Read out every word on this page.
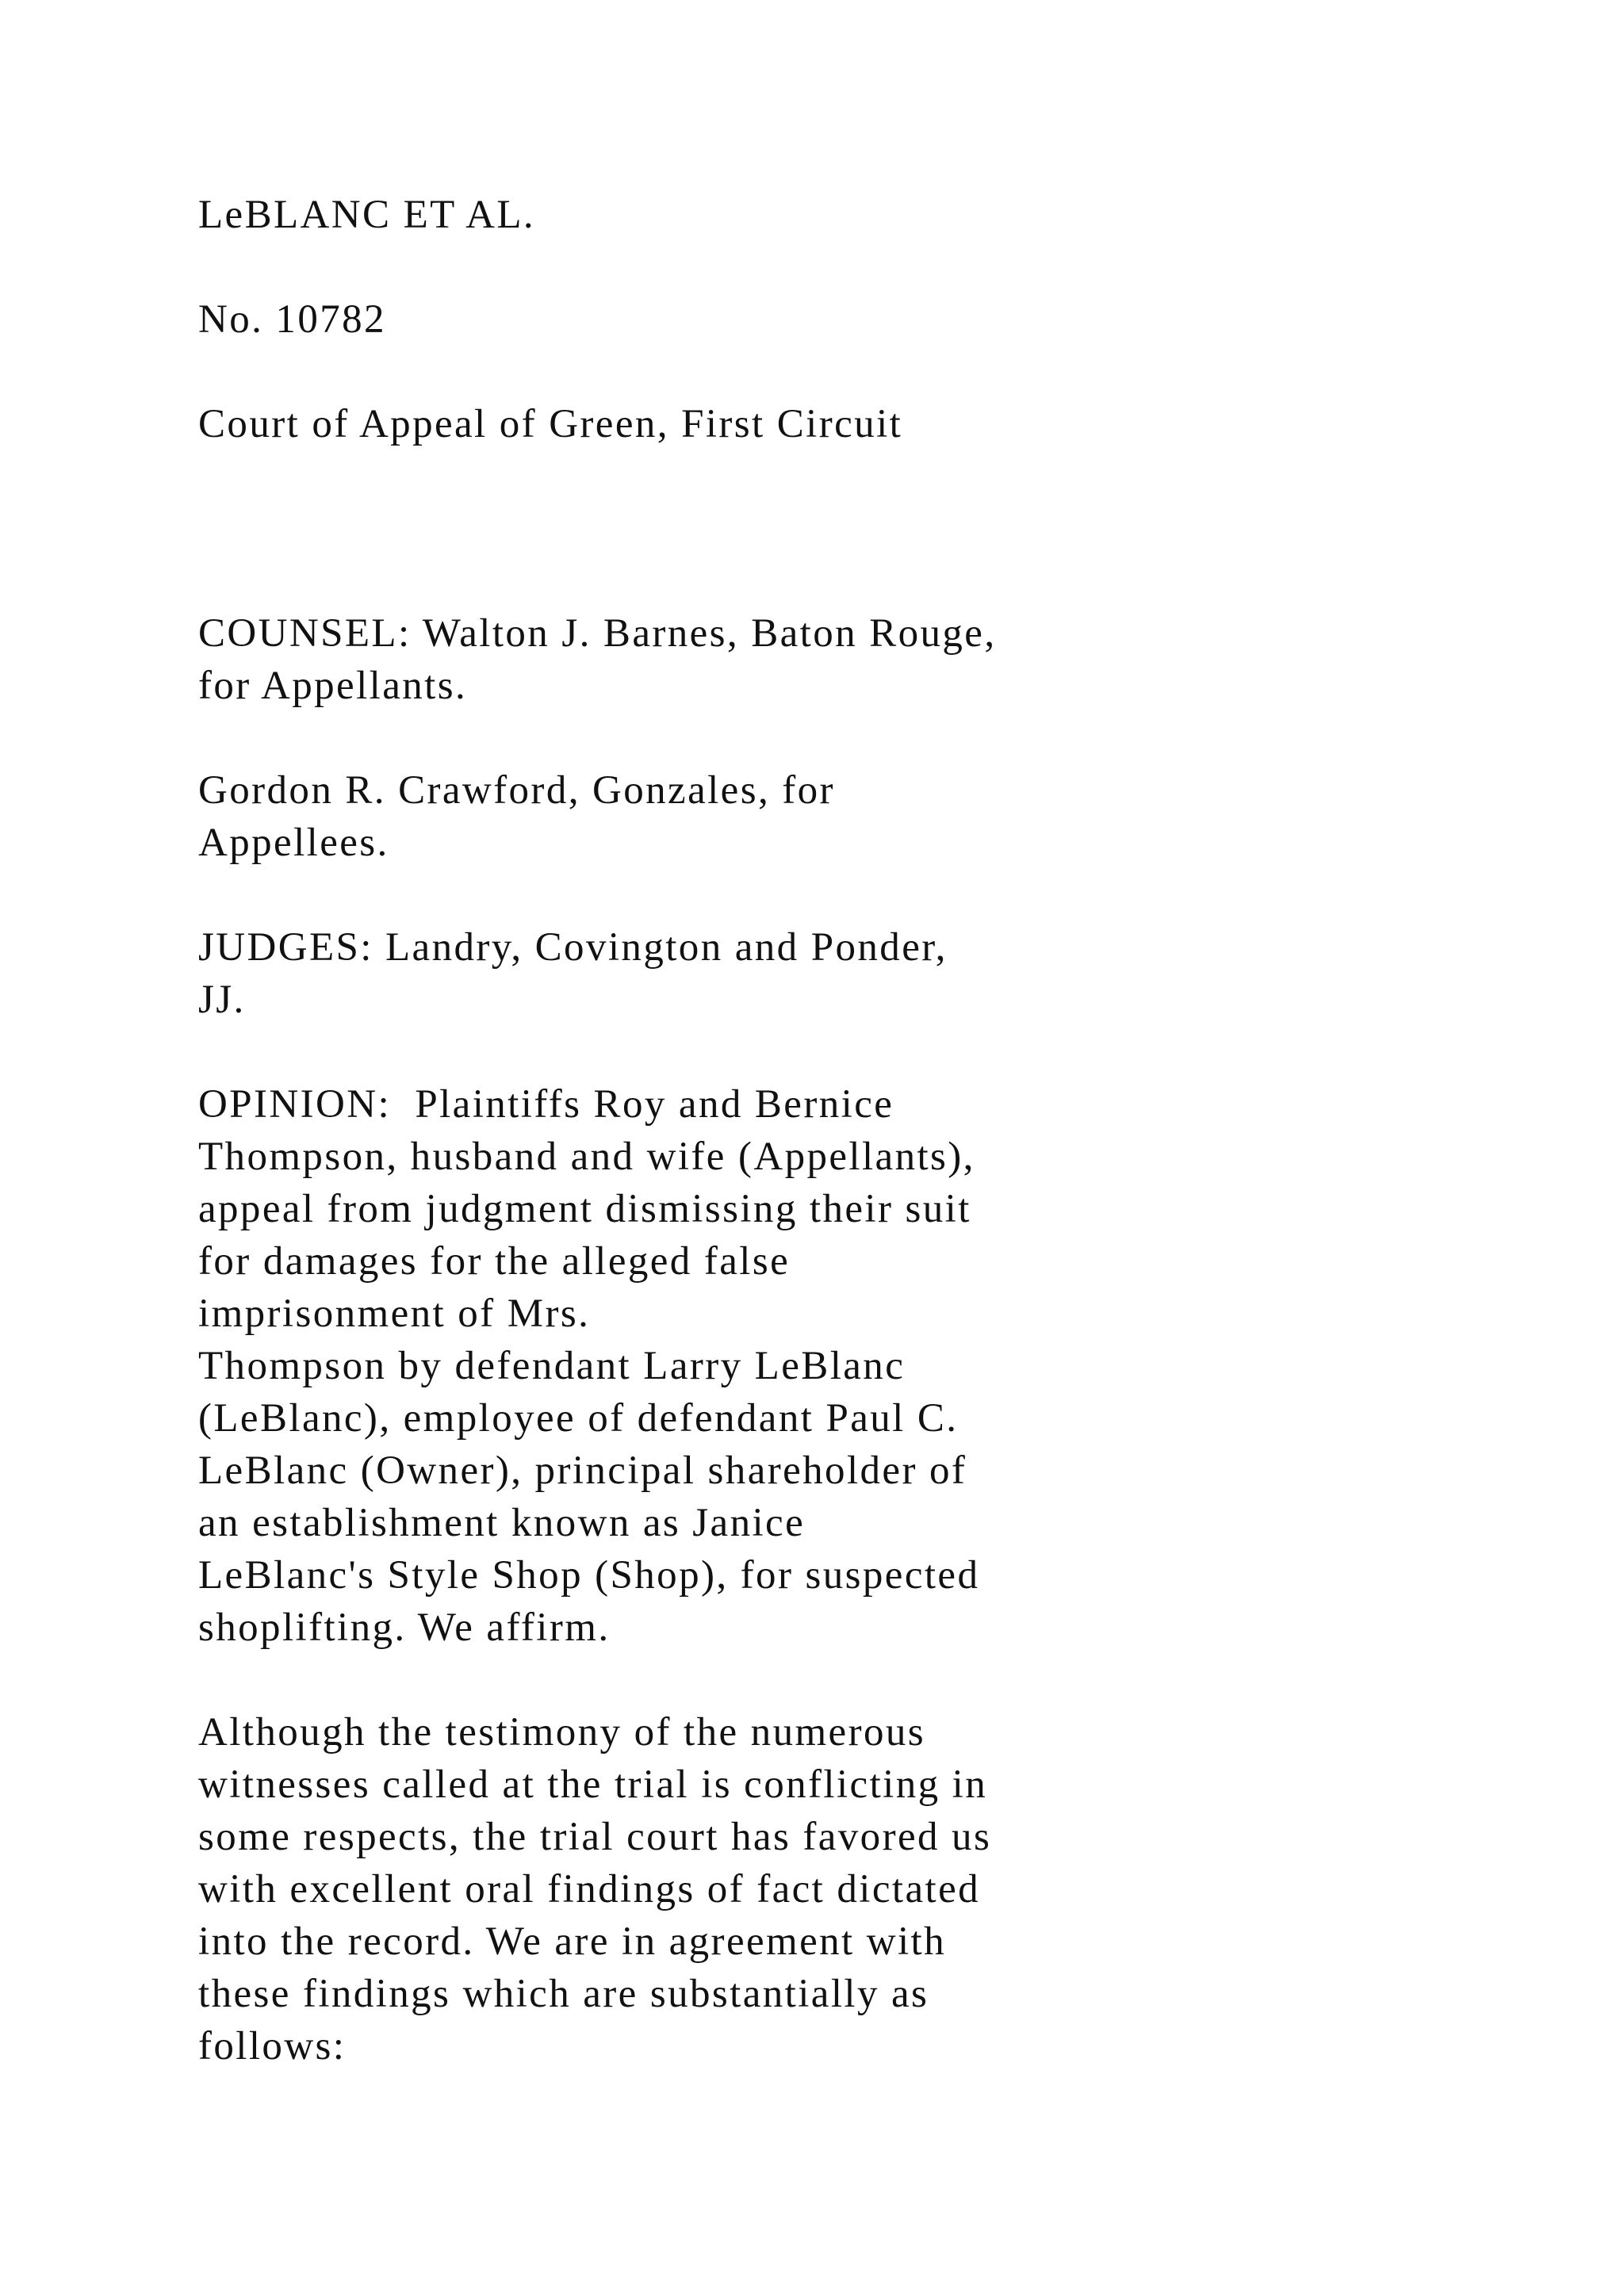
LeBLANC ET AL.
No. 10782
Court of Appeal of Green, First Circuit
COUNSEL: Walton J. Barnes, Baton Rouge,
for Appellants.
Gordon R. Crawford, Gonzales, for
Appellees.
JUDGES: Landry, Covington and Ponder,
JJ.
OPINION:  Plaintiffs Roy and Bernice
Thompson, husband and wife (Appellants),
appeal from judgment dismissing their suit
for damages for the alleged false
imprisonment of Mrs.
Thompson by defendant Larry LeBlanc
(LeBlanc), employee of defendant Paul C.
LeBlanc (Owner), principal shareholder of
an establishment known as Janice
LeBlanc's Style Shop (Shop), for suspected
shoplifting. We affirm.
Although the testimony of the numerous
witnesses called at the trial is conflicting in
some respects, the trial court has favored us
with excellent oral findings of fact dictated
into the record. We are in agreement with
these findings which are substantially as
follows:
